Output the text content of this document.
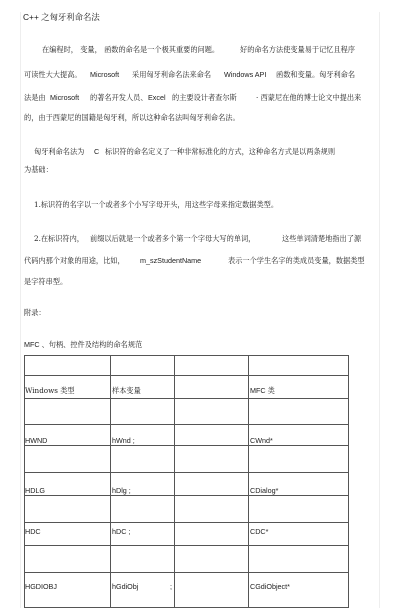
C++ 之匈牙利命名法
在编程时， 变量， 函数的命名是一个极其重要的问题。	好的命名方法使变量易于记忆且程序
可读性大大提高。 Microsoft 采用匈牙利命名法来命名 Windows API 函数和变量。匈牙利命名
法是由 Microsoft 的著名开发人员、 Excel 的主要设计者查尔斯	· 西蒙尼在他的博士论文中提出来
的，由于西蒙尼的国籍是匈牙利，所以这种命名法叫匈牙利命名法。
匈牙利命名法为 C 标识符的命名定义了一种非常标准化的方式，这种命名方式是以两条规则
为基础：
1.标识符的名字以一个或者多个小写字母开头，用这些字母来指定数据类型。
2.在标识符内， 前缀以后就是一个或者多个第一个字母大写的单词，	这些单词清楚地指出了源
代码内那个对象的用途，比如， m_szStudentName	表示一个学生名字的类成员变量，数据类型
是字符串型。
附录：
MFC 、句柄、控件及结构的命名规范
Windows 类型	样本变量	MFC 类
HWND	hWnd ;	CWnd*
HDLG	hDlg ;	CDialog*
HDC	hDC ;	CDC*
HGDIOBJ	hGdiObj	;	CGdiObject*
